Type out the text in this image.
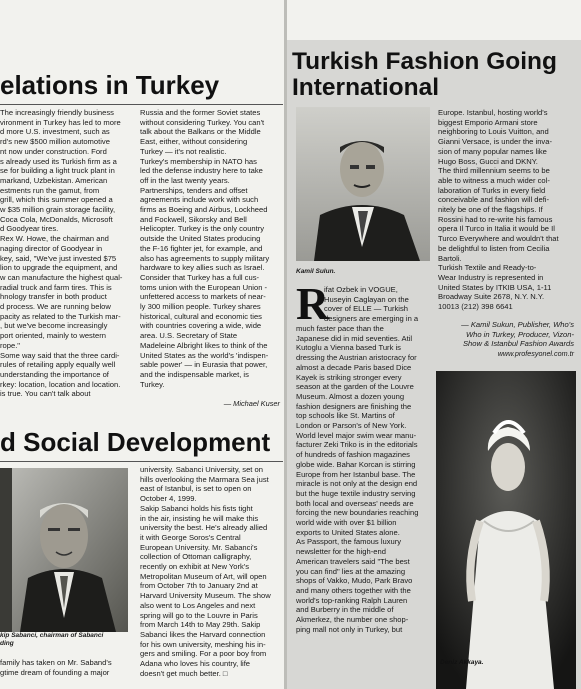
elations in Turkey
The increasingly friendly business
vironment in Turkey has led to more
d more U.S. investment, such as
rd's new $500 million automotive
nt now under construction. Ford
s already used its Turkish firm as a
se for building a light truck plant in
markand, Uzbekistan. American
estments run the gamut, from
grill, which this summer opened a
w $35 million grain storage facility,
Coca Cola, McDonalds, Microsoft
d Goodyear tires.
Rex W. Howe, the chairman and
naging director of Goodyear in
key, said, "We've just invested $75
lion to upgrade the equipment, and
w can manufacture the highest qual-
radial truck and farm tires. This is
hnology transfer in both product
d process. We are running below
pacity as related to the Turkish mar-
, but we've become increasingly
port oriented, mainly to western
rope."
Some way said that the three cardi-
rules of retailing apply equally well
understanding the importance of
rkey: location, location and location.
is true. You can't talk about
Russia and the former Soviet states
without considering Turkey. You can't
talk about the Balkans or the Middle
East, either, without considering
Turkey — it's not realistic.
Turkey's membership in NATO has
led the defense industry here to take
off in the last twenty years.
Partnerships, tenders and offset
agreements include work with such
firms as Boeing and Airbus, Lockheed
and Fockwell, Sikorsky and Bell
Helicopter. Turkey is the only country
outside the United States producing
the F-16 fighter jet, for example, and
also has agreements to supply military
hardware to key allies such as Israel.
Consider that Turkey has a full cus-
toms union with the European Union -
unfettered access to markets of near-
ly 300 million people. Turkey shares
historical, cultural and economic ties
with countries covering a wide, wide
area. U.S. Secretary of State
Madeleine Albright likes to think of the
United States as the world's 'indispen-
sable power' — in Eurasia that power,
and the indispensable market, is
Turkey.
— Michael Kuser
d Social Development
kip Sabanci, chairman of Sabanci
ding
family has taken on Mr. Saband's
gtime dream of founding a major
university. Sabanci University, set on
hills overlooking the Marmara Sea just
east of Istanbul, is set to open on
October 4, 1999.
Sakip Sabanci holds his fists tight
in the air, insisting he will make this
university the best. He's already allied
it with George Soros's Central
European University. Mr. Sabanci's
collection of Ottoman calligraphy,
recently on exhibit at New York's
Metropolitan Museum of Art, will open
from October 7th to January 2nd at
Harvard University Museum. The show
also went to Los Angeles and next
spring will go to the Louvre in Paris
from March 14th to May 29th. Sakip
Sabanci likes the Harvard connection
for his own university, meshing his in-
gers and smiling. For a poor boy from
Adana who loves his country, life
doesn't get much better. □
Turkish Fashion Going
International
Kamil Sulun.
R
ifat Ozbek in VOGUE,
Huseyin Caglayan on the
cover of ELLE — Turkish
designers are emerging in a
much faster pace than the
Japanese did in mid seventies. Atil
Kutoglu a Vienna based Turk is
dressing the Austrian aristocracy for
almost a decade Paris based Dice
Kayek is striking stronger every
season at the garden of the Louvre
Museum. Almost a dozen young
fashion designers are finishing the
top schools like St. Martins of
London or Parson's of New York.
World level major swim wear manu-
facturer Zeki Triko is in the editorials
of hundreds of fashion magazines
globe wide. Bahar Korcan is stirring
Europe from her Istanbul base. The
miracle is not only at the design end
but the huge textile industry serving
both local and overseas' needs are
forcing the new boundaries reaching
world wide with over $1 billion
exports to United States alone.
As Passport, the famous luxury
newsletter for the high-end
American travelers said "The best
you can find" lies at the amazing
shops of Vakko, Mudo, Park Bravo
and many others together with the
world's top-ranking Ralph Lauren
and Burberry in the middle of
Akmerkez, the number one shop-
ping mall not only in Turkey, but
Europe. Istanbul, hosting world's
biggest Emporio Armani store
neighboring to Louis Vuitton, and
Gianni Versace, is under the inva-
sion of many popular names like
Hugo Boss, Gucci and DKNY.
The third millennium seems to be
able to witness a much wider col-
laboration of Turks in every field
conceivable and fashion will defi-
nitely be one of the flagships. If
Rossini had to re-write his famous
opera Il Turco in Italia it would be Il
Turco Everywhere and wouldn't that
be delightful to listen from Cecilia
Bartoli.
Turkish Textile and Ready-to-
Wear Industry is represented in
United States by ITKIB USA, 1-11
Broadway Suite 2678, N.Y. N.Y.
10013 (212) 398 6641
— Kamil Sukun, Publisher, Who's
Who in Turkey, Producer, Vizon-
Show & Istanbul Fashion Awards
www.profesyonel.com.tr
Deniz Akkaya.
